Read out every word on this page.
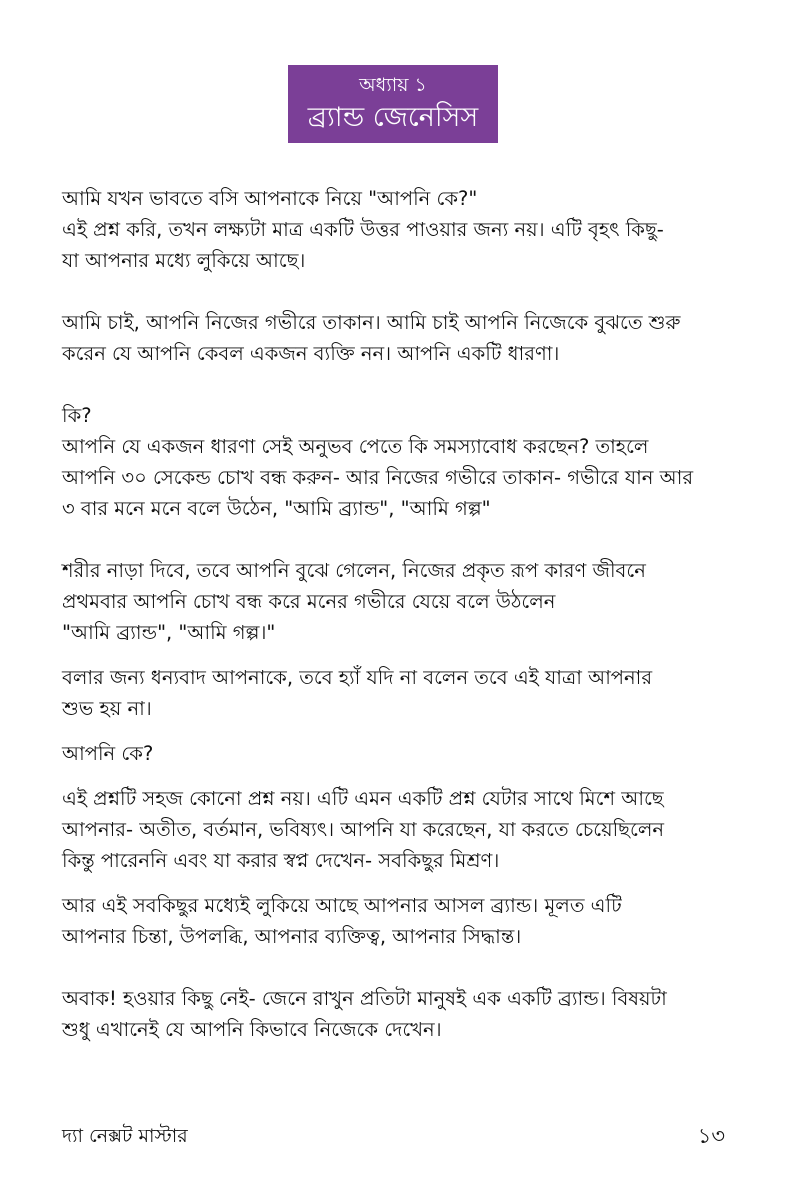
অধ্যায় ১
ব্র্যান্ড জেনেসিস
আমি যখন ভাবতে বসি আপনাকে নিয়ে "আপনি কে?"
এই প্রশ্ন করি, তখন লক্ষ্যটা মাত্র একটি উত্তর পাওয়ার জন্য নয়। এটি বৃহৎ কিছু-
যা আপনার মধ্যে লুকিয়ে আছে।
আমি চাই, আপনি নিজের গভীরে তাকান। আমি চাই আপনি নিজেকে বুঝতে শুরু
করেন যে আপনি কেবল একজন ব্যক্তি নন। আপনি একটি ধারণা।
কি?
আপনি যে একজন ধারণা সেই অনুভব পেতে কি সমস্যাবোধ করছেন? তাহলে
আপনি ৩০ সেকেন্ড চোখ বন্ধ করুন- আর নিজের গভীরে তাকান- গভীরে যান আর
৩ বার মনে মনে বলে উঠেন, "আমি ব্র্যান্ড", "আমি গল্প"
শরীর নাড়া দিবে, তবে আপনি বুঝে গেলেন, নিজের প্রকৃত রূপ কারণ জীবনে
প্রথমবার আপনি চোখ বন্ধ করে মনের গভীরে যেয়ে বলে উঠলেন
"আমি ব্র্যান্ড", "আমি গল্প।"
বলার জন্য ধন্যবাদ আপনাকে, তবে হ্যাঁ যদি না বলেন তবে এই যাত্রা আপনার
শুভ হয় না।
আপনি কে?
এই প্রশ্নটি সহজ কোনো প্রশ্ন নয়। এটি এমন একটি প্রশ্ন যেটার সাথে মিশে আছে
আপনার- অতীত, বর্তমান, ভবিষ্যৎ। আপনি যা করেছেন, যা করতে চেয়েছিলেন
কিন্তু পারেননি এবং যা করার স্বপ্ন দেখেন- সবকিছুর মিশ্রণ।
আর এই সবকিছুর মধ্যেই লুকিয়ে আছে আপনার আসল ব্র্যান্ড। মূলত এটি
আপনার চিন্তা, উপলব্ধি, আপনার ব্যক্তিত্ব, আপনার সিদ্ধান্ত।
অবাক! হওয়ার কিছু নেই- জেনে রাখুন প্রতিটা মানুষই এক একটি ব্র্যান্ড। বিষয়টা
শুধু এখানেই যে আপনি কিভাবে নিজেকে দেখেন।
দ্যা নেক্সট মাস্টার	১৩
